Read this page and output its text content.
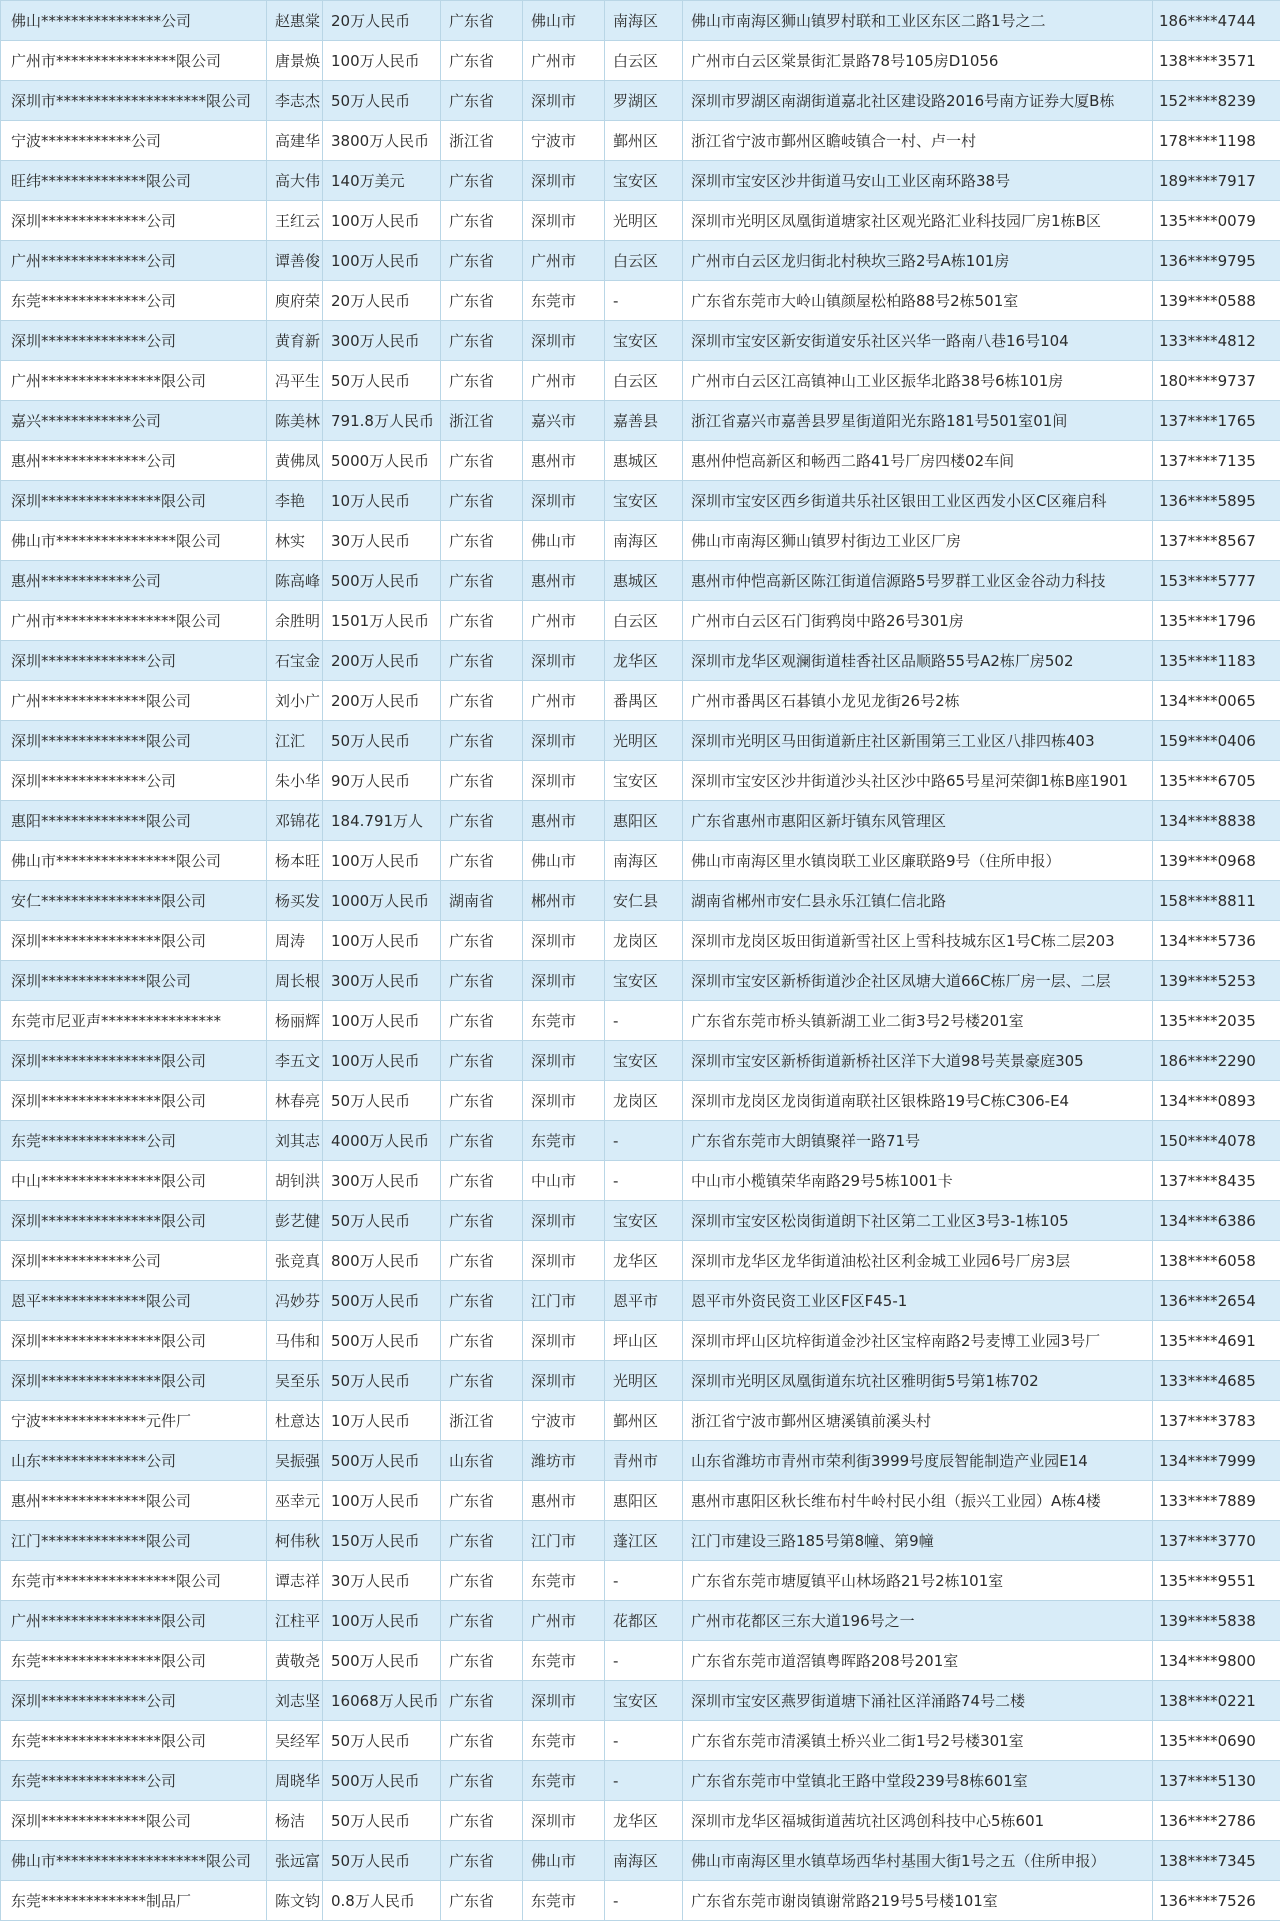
佛山****************公司	赵惠棠	20万人民币	广东省	佛山市	南海区	佛山市南海区狮山镇罗村联和工业区东区二路1号之二	186****4744
广州市****************限公司	唐景焕	100万人民币	广东省	广州市	白云区	广州市白云区棠景街汇景路78号105房D1056	138****3571
深圳市********************限公司	李志杰	50万人民币	广东省	深圳市	罗湖区	深圳市罗湖区南湖街道嘉北社区建设路2016号南方证券大厦B栋	152****8239
宁波************公司	高建华	3800万人民币	浙江省	宁波市	鄞州区	浙江省宁波市鄞州区瞻岐镇合一村、卢一村	178****1198
旺纬**************限公司	高大伟	140万美元	广东省	深圳市	宝安区	深圳市宝安区沙井街道马安山工业区南环路38号	189****7917
深圳**************公司	王红云	100万人民币	广东省	深圳市	光明区	深圳市光明区凤凰街道塘家社区观光路汇业科技园厂房1栋B区	135****0079
广州**************公司	谭善俊	100万人民币	广东省	广州市	白云区	广州市白云区龙归街北村秧坎三路2号A栋101房	136****9795
东莞**************公司	庾府荣	20万人民币	广东省	东莞市	-	广东省东莞市大岭山镇颜屋松柏路88号2栋501室	139****0588
深圳**************公司	黄育新	300万人民币	广东省	深圳市	宝安区	深圳市宝安区新安街道安乐社区兴华一路南八巷16号104	133****4812
广州****************限公司	冯平生	50万人民币	广东省	广州市	白云区	广州市白云区江高镇神山工业区振华北路38号6栋101房	180****9737
嘉兴************公司	陈美林	791.8万人民币	浙江省	嘉兴市	嘉善县	浙江省嘉兴市嘉善县罗星街道阳光东路181号501室01间	137****1765
惠州**************公司	黄佛凤	5000万人民币	广东省	惠州市	惠城区	惠州仲恺高新区和畅西二路41号厂房四楼02车间	137****7135
深圳****************限公司	李艳	10万人民币	广东省	深圳市	宝安区	深圳市宝安区西乡街道共乐社区银田工业区西发小区C区雍启科	136****5895
佛山市****************限公司	林实	30万人民币	广东省	佛山市	南海区	佛山市南海区狮山镇罗村街边工业区厂房	137****8567
惠州************公司	陈高峰	500万人民币	广东省	惠州市	惠城区	惠州市仲恺高新区陈江街道信源路5号罗群工业区金谷动力科技	153****5777
广州市****************限公司	余胜明	1501万人民币	广东省	广州市	白云区	广州市白云区石门街鸦岗中路26号301房	135****1796
深圳**************公司	石宝金	200万人民币	广东省	深圳市	龙华区	深圳市龙华区观澜街道桂香社区品顺路55号A2栋厂房502	135****1183
广州**************限公司	刘小广	200万人民币	广东省	广州市	番禺区	广州市番禺区石碁镇小龙见龙街26号2栋	134****0065
深圳**************限公司	江汇	50万人民币	广东省	深圳市	光明区	深圳市光明区马田街道新庄社区新围第三工业区八排四栋403	159****0406
深圳**************公司	朱小华	90万人民币	广东省	深圳市	宝安区	深圳市宝安区沙井街道沙头社区沙中路65号星河荣御1栋B座1901	135****6705
惠阳**************限公司	邓锦花	184.791万人	广东省	惠州市	惠阳区	广东省惠州市惠阳区新圩镇东风管理区	134****8838
佛山市****************限公司	杨本旺	100万人民币	广东省	佛山市	南海区	佛山市南海区里水镇岗联工业区廉联路9号（住所申报）	139****0968
安仁****************限公司	杨买发	1000万人民币	湖南省	郴州市	安仁县	湖南省郴州市安仁县永乐江镇仁信北路	158****8811
深圳****************限公司	周涛	100万人民币	广东省	深圳市	龙岗区	深圳市龙岗区坂田街道新雪社区上雪科技城东区1号C栋二层203	134****5736
深圳**************限公司	周长根	300万人民币	广东省	深圳市	宝安区	深圳市宝安区新桥街道沙企社区凤塘大道66C栋厂房一层、二层	139****5253
东莞市尼亚声****************	杨丽辉	100万人民币	广东省	东莞市	-	广东省东莞市桥头镇新湖工业二街3号2号楼201室	135****2035
深圳****************限公司	李五文	100万人民币	广东省	深圳市	宝安区	深圳市宝安区新桥街道新桥社区洋下大道98号芙景豪庭305	186****2290
深圳****************限公司	林春亮	50万人民币	广东省	深圳市	龙岗区	深圳市龙岗区龙岗街道南联社区银株路19号C栋C306-E4	134****0893
东莞**************公司	刘其志	4000万人民币	广东省	东莞市	-	广东省东莞市大朗镇聚祥一路71号	150****4078
中山****************限公司	胡钊洪	300万人民币	广东省	中山市	-	中山市小榄镇荣华南路29号5栋1001卡	137****8435
深圳****************限公司	彭艺健	50万人民币	广东省	深圳市	宝安区	深圳市宝安区松岗街道朗下社区第二工业区3号3-1栋105	134****6386
深圳************公司	张竞真	800万人民币	广东省	深圳市	龙华区	深圳市龙华区龙华街道油松社区利金城工业园6号厂房3层	138****6058
恩平**************限公司	冯妙芬	500万人民币	广东省	江门市	恩平市	恩平市外资民资工业区F区F45-1	136****2654
深圳****************限公司	马伟和	500万人民币	广东省	深圳市	坪山区	深圳市坪山区坑梓街道金沙社区宝梓南路2号麦博工业园3号厂	135****4691
深圳****************限公司	吴至乐	50万人民币	广东省	深圳市	光明区	深圳市光明区凤凰街道东坑社区雅明街5号第1栋702	133****4685
宁波**************元件厂	杜意达	10万人民币	浙江省	宁波市	鄞州区	浙江省宁波市鄞州区塘溪镇前溪头村	137****3783
山东**************公司	吴振强	500万人民币	山东省	潍坊市	青州市	山东省潍坊市青州市荣利街3999号度辰智能制造产业园E14	134****7999
惠州**************限公司	巫幸元	100万人民币	广东省	惠州市	惠阳区	惠州市惠阳区秋长维布村牛岭村民小组（振兴工业园）A栋4楼	133****7889
江门**************限公司	柯伟秋	150万人民币	广东省	江门市	蓬江区	江门市建设三路185号第8幢、第9幢	137****3770
东莞市****************限公司	谭志祥	30万人民币	广东省	东莞市	-	广东省东莞市塘厦镇平山林场路21号2栋101室	135****9551
广州****************限公司	江柱平	100万人民币	广东省	广州市	花都区	广州市花都区三东大道196号之一	139****5838
东莞****************限公司	黄敬尧	500万人民币	广东省	东莞市	-	广东省东莞市道滘镇粤晖路208号201室	134****9800
深圳**************公司	刘志坚	16068万人民币	广东省	深圳市	宝安区	深圳市宝安区燕罗街道塘下涌社区洋涌路74号二楼	138****0221
东莞****************限公司	吴经军	50万人民币	广东省	东莞市	-	广东省东莞市清溪镇土桥兴业二街1号2号楼301室	135****0690
东莞**************公司	周晓华	500万人民币	广东省	东莞市	-	广东省东莞市中堂镇北王路中堂段239号8栋601室	137****5130
深圳**************限公司	杨洁	50万人民币	广东省	深圳市	龙华区	深圳市龙华区福城街道茜坑社区鸿创科技中心5栋601	136****2786
佛山市********************限公司	张远富	50万人民币	广东省	佛山市	南海区	佛山市南海区里水镇草场西华村基围大街1号之五（住所申报）	138****7345
东莞**************制品厂	陈文钧	0.8万人民币	广东省	东莞市	-	广东省东莞市谢岗镇谢常路219号5号楼101室	136****7526
